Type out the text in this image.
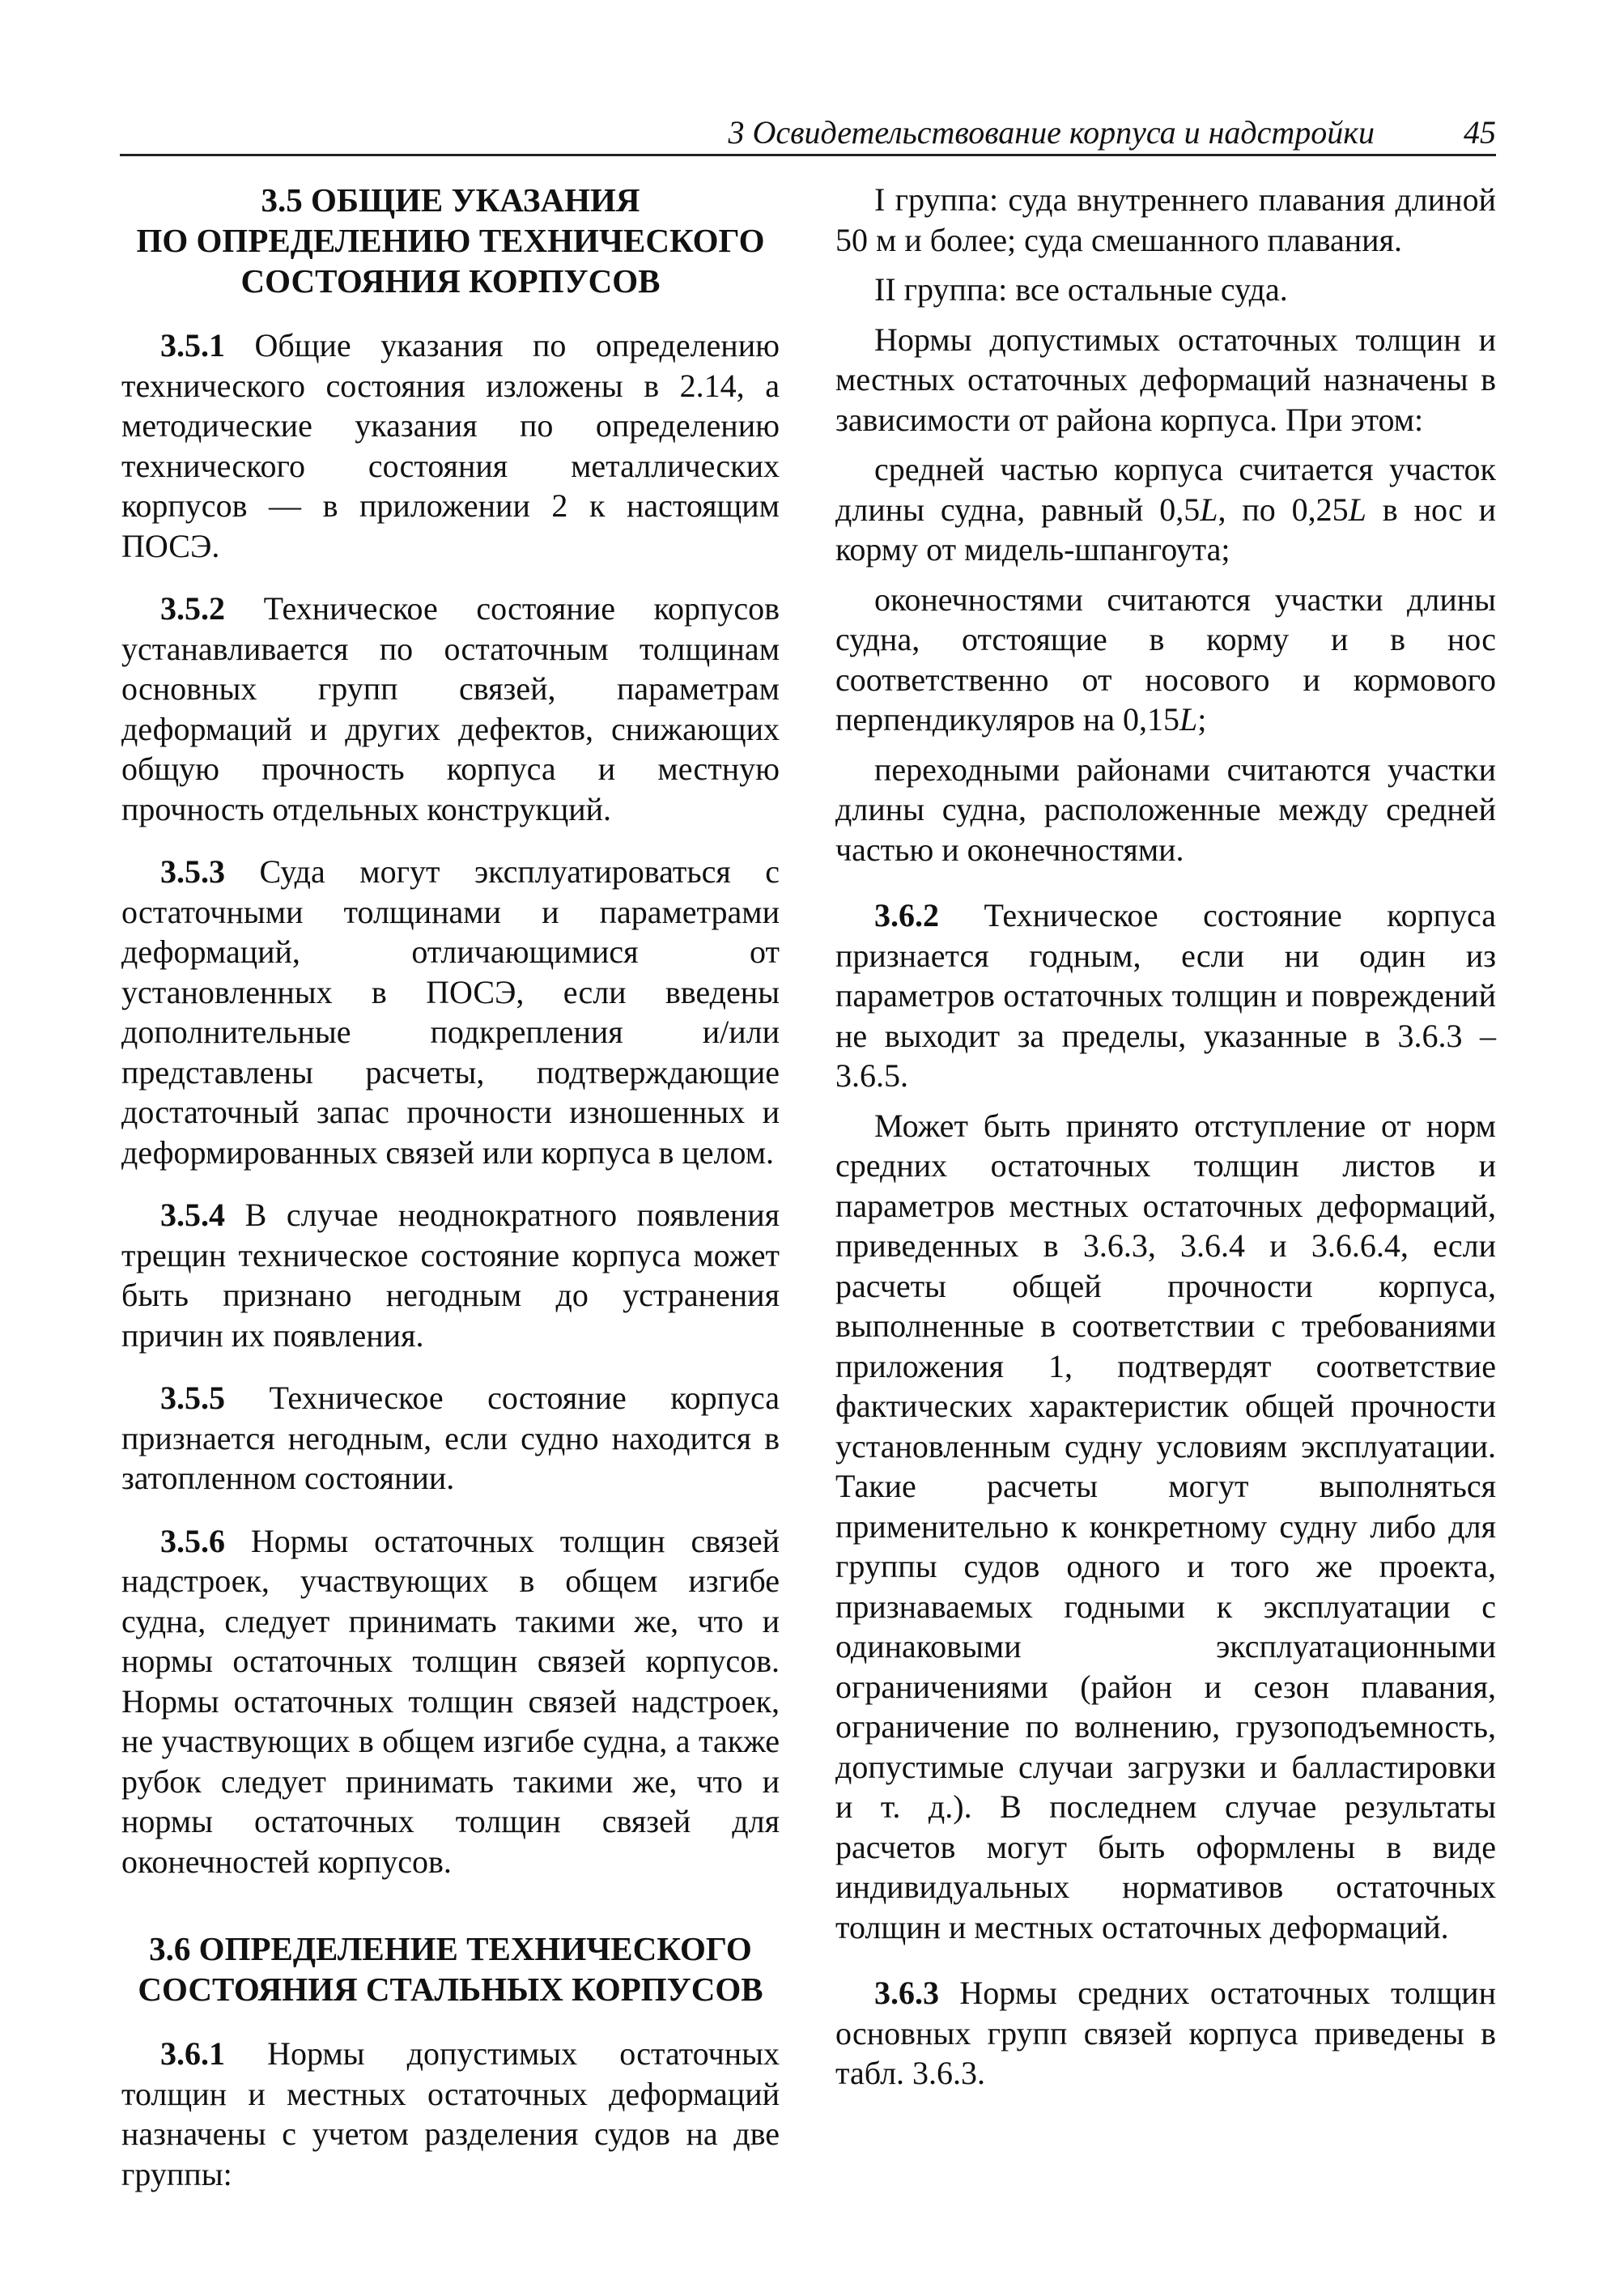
3 Освидетельствование корпуса и надстройки	45
3.5 ОБЩИЕ УКАЗАНИЯ
ПО ОПРЕДЕЛЕНИЮ ТЕХНИЧЕСКОГО
СОСТОЯНИЯ КОРПУСОВ

3.5.1 Общие указания по определению технического состояния изложены в 2.14, а методические указания по определению технического состояния металлических корпусов — в приложении 2 к настоящим ПОСЭ.

3.5.2 Техническое состояние корпусов устанавливается по остаточным толщинам основных групп связей, параметрам деформаций и других дефектов, снижающих общую прочность корпуса и местную прочность отдельных конструкций.

3.5.3 Суда могут эксплуатироваться с остаточными толщинами и параметрами деформаций, отличающимися от установленных в ПОСЭ, если введены дополнительные подкрепления и/или представлены расчеты, подтверждающие достаточный запас прочности изношенных и деформированных связей или корпуса в целом.

3.5.4 В случае неоднократного появления трещин техническое состояние корпуса может быть признано негодным до устранения причин их появления.

3.5.5 Техническое состояние корпуса признается негодным, если судно находится в затопленном состоянии.

3.5.6 Нормы остаточных толщин связей надстроек, участвующих в общем изгибе судна, следует принимать такими же, что и нормы остаточных толщин связей корпусов. Нормы остаточных толщин связей надстроек, не участвующих в общем изгибе судна, а также рубок следует принимать такими же, что и нормы остаточных толщин связей для оконечностей корпусов.

3.6 ОПРЕДЕЛЕНИЕ ТЕХНИЧЕСКОГО
СОСТОЯНИЯ СТАЛЬНЫХ КОРПУСОВ

3.6.1 Нормы допустимых остаточных толщин и местных остаточных деформаций назначены с учетом разделения судов на две группы:

I группа: суда внутреннего плавания длиной 50 м и более; суда смешанного плавания.

II группа: все остальные суда.

Нормы допустимых остаточных толщин и местных остаточных деформаций назначены в зависимости от района корпуса. При этом:

средней частью корпуса считается участок длины судна, равный 0,5L, по 0,25L в нос и корму от мидель-шпангоута;

оконечностями считаются участки длины судна, отстоящие в корму и в нос соответственно от носового и кормового перпендикуляров на 0,15L;

переходными районами считаются участки длины судна, расположенные между средней частью и оконечностями.

3.6.2 Техническое состояние корпуса признается годным, если ни один из параметров остаточных толщин и повреждений не выходит за пределы, указанные в 3.6.3 – 3.6.5.

Может быть принято отступление от норм средних остаточных толщин листов и параметров местных остаточных деформаций, приведенных в 3.6.3, 3.6.4 и 3.6.6.4, если расчеты общей прочности корпуса, выполненные в соответствии с требованиями приложения 1, подтвердят соответствие фактических характеристик общей прочности установленным судну условиям эксплуатации. Такие расчеты могут выполняться применительно к конкретному судну либо для группы судов одного и того же проекта, признаваемых годными к эксплуатации с одинаковыми эксплуатационными ограничениями (район и сезон плавания, ограничение по волнению, грузоподъемность, допустимые случаи загрузки и балластировки и т. д.). В последнем случае результаты расчетов могут быть оформлены в виде индивидуальных нормативов остаточных толщин и местных остаточных деформаций.

3.6.3 Нормы средних остаточных толщин основных групп связей корпуса приведены в табл. 3.6.3.
